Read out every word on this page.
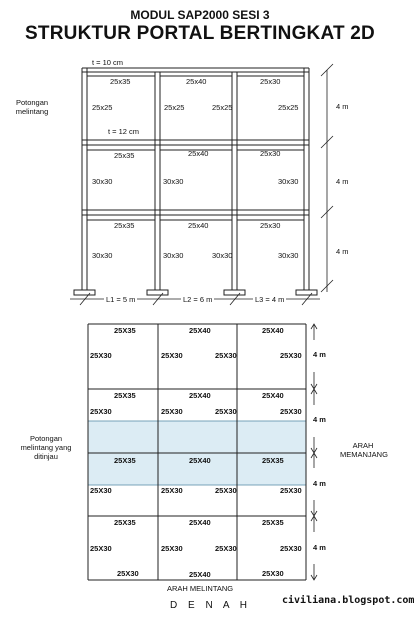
MODUL SAP2000 SESI 3
STRUKTUR PORTAL BERTINGKAT 2D
Potongan melintang
t = 10 cm
t = 12 cm
25x35	25x40	25x30
25x25	25x25	25x25	25x25
25x35	25x40	25x30
30x30	30x30	30x30
25x35	25x40	25x30
30x30	30x30	30x30	30x30
4 m
4 m
4 m
L1 = 5 m	L2 = 6 m	L3 = 4 m
Potongan melintang yang ditinjau
ARAH MEMANJANG
ARAH MELINTANG
25X35	25X40	25X40
25X30	25X30	25X30	25X30
25X35	25X40	25X40
25X30	25X30	25X30	25X30
25X35	25X40	25X35
25X30	25X30	25X30	25X30
25X35	25X40	25X35
25X30	25X30	25X30	25X30
25X30	25X40	25X30
4 m
4 m
4 m
4 m
D E N A H	civiliana.blogspot.com
